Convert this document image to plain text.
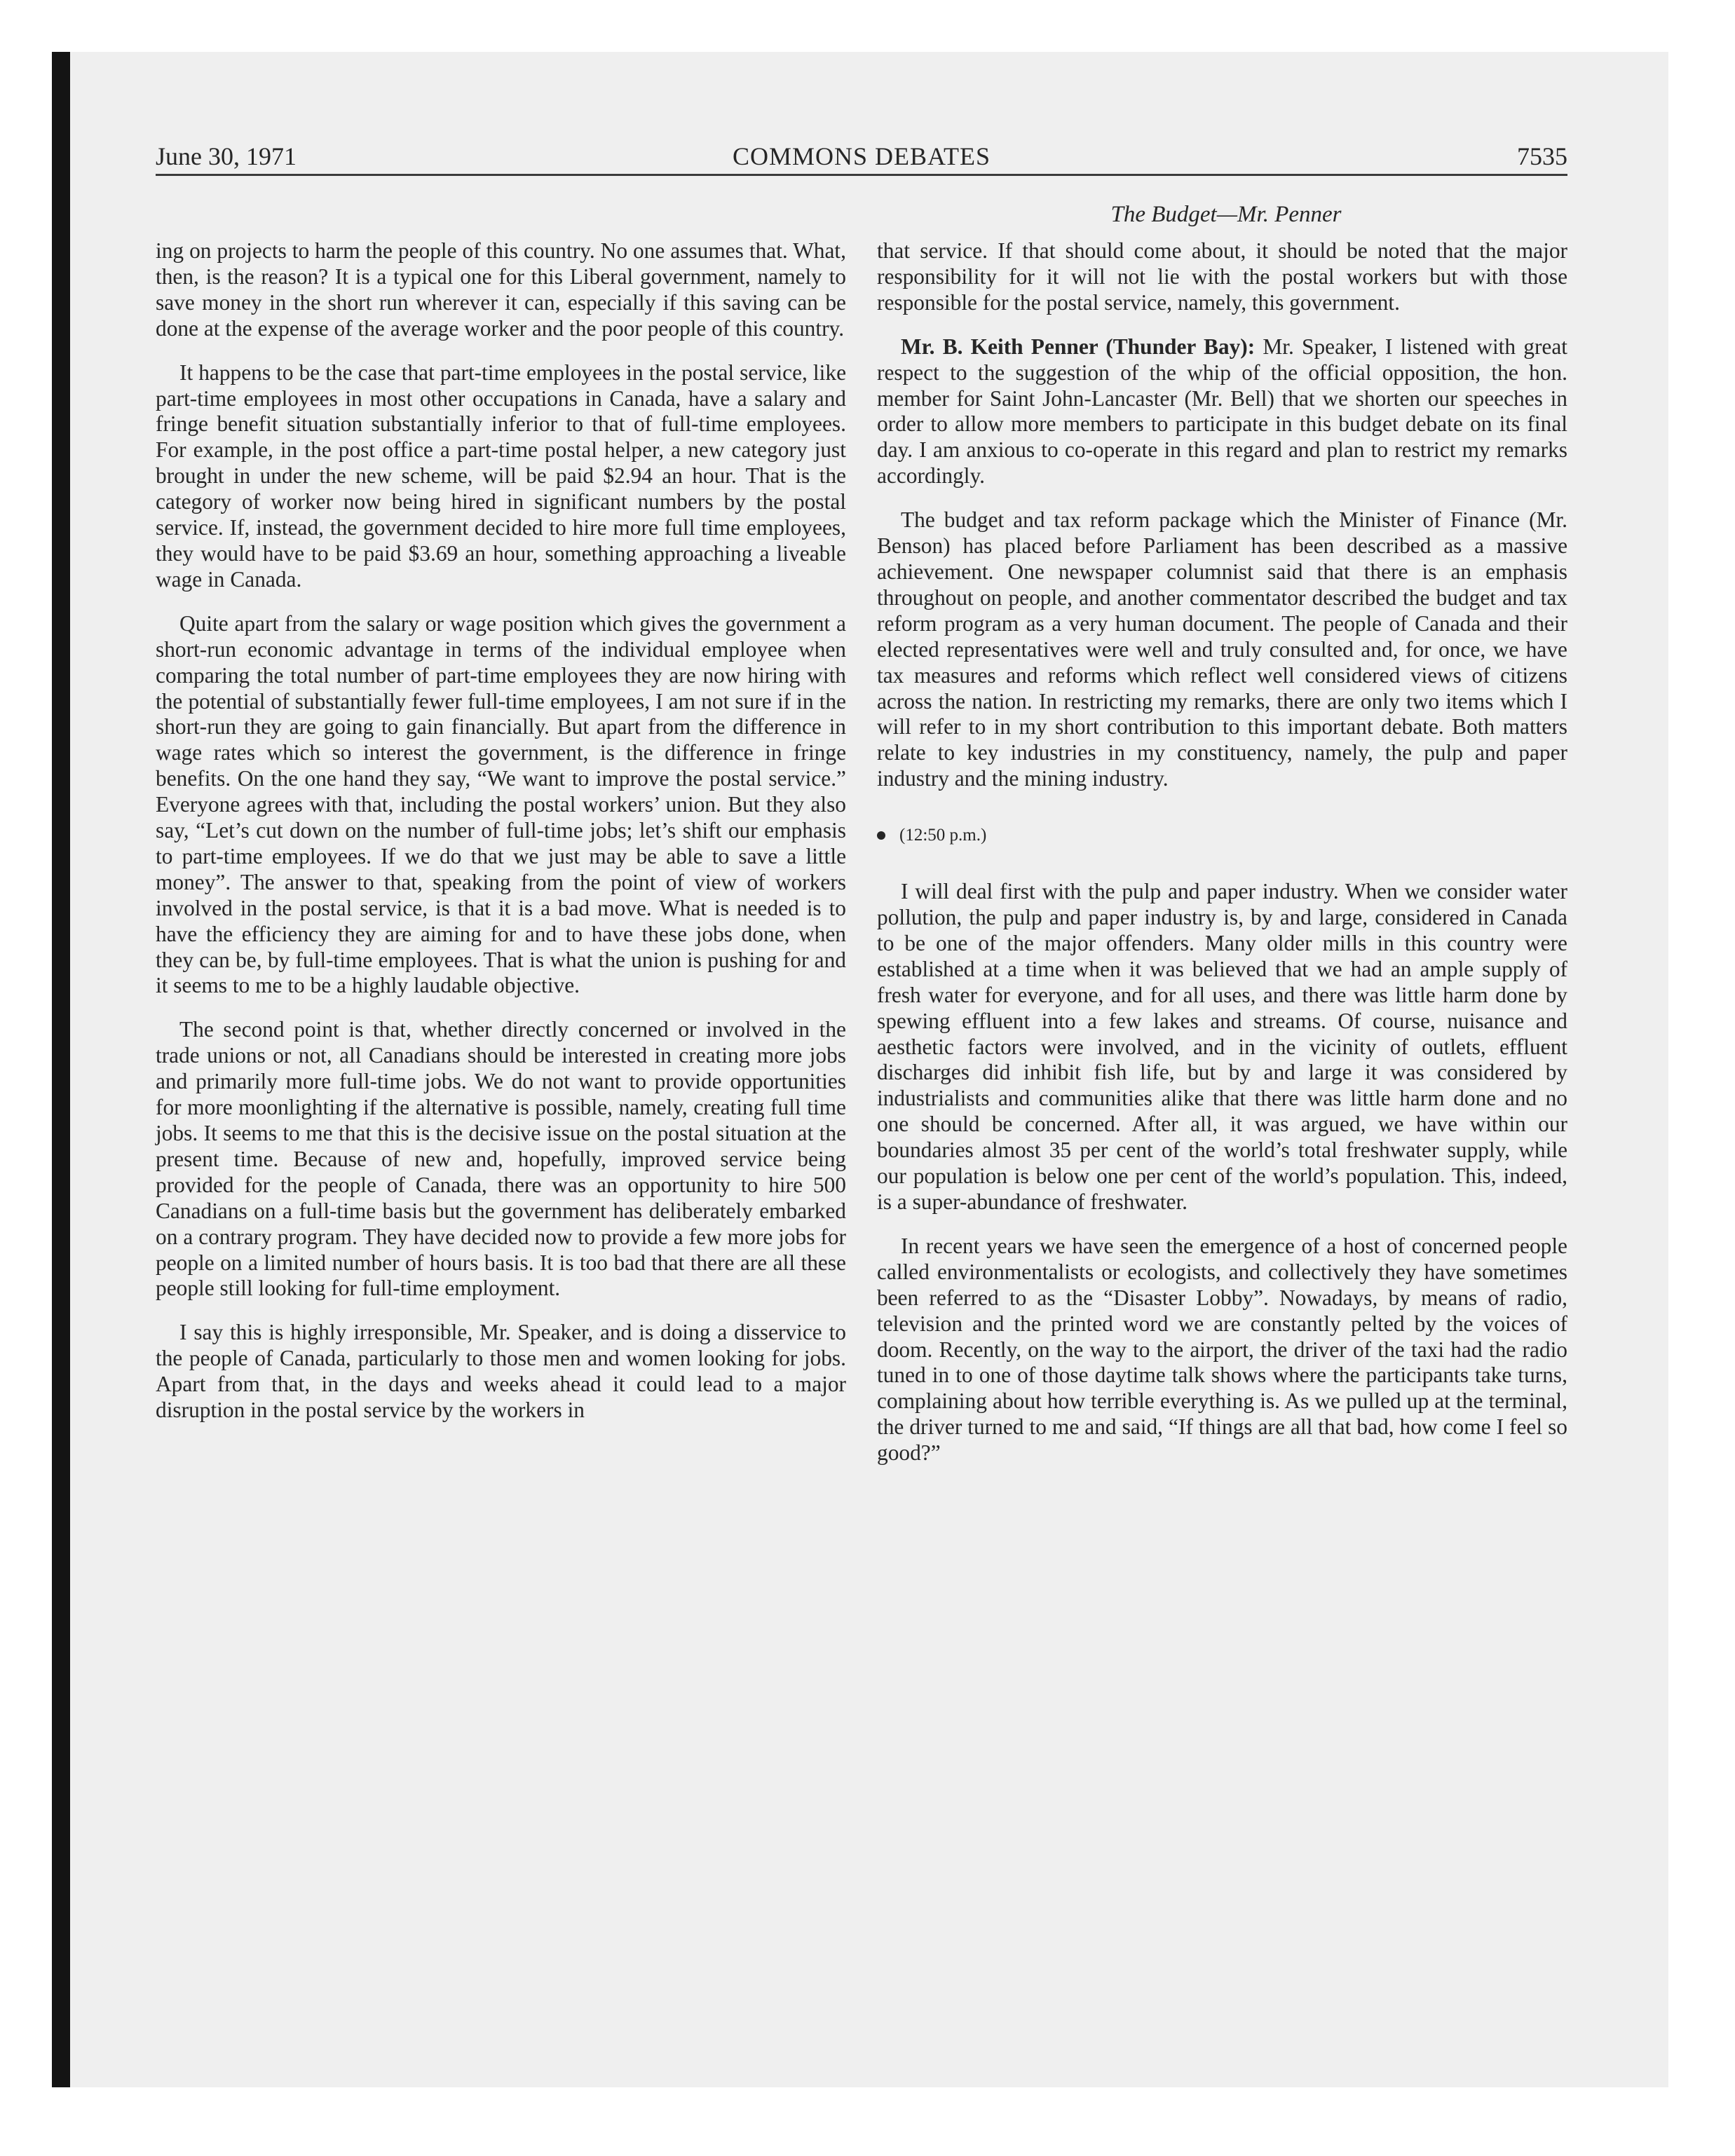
June 30, 1971	COMMONS DEBATES	7535
The Budget—Mr. Penner

ing on projects to harm the people of this country. No one assumes that. What, then, is the reason? It is a typical one for this Liberal government, namely to save money in the short run wherever it can, especially if this saving can be done at the expense of the average worker and the poor people of this country.

It happens to be the case that part-time employees in the postal service, like part-time employees in most other occupations in Canada, have a salary and fringe benefit situation substantially inferior to that of full-time employees. For example, in the post office a part-time postal helper, a new category just brought in under the new scheme, will be paid $2.94 an hour. That is the category of worker now being hired in significant numbers by the postal service. If, instead, the government decided to hire more full time employees, they would have to be paid $3.69 an hour, something approaching a liveable wage in Canada.

Quite apart from the salary or wage position which gives the government a short-run economic advantage in terms of the individual employee when comparing the total number of part-time employees they are now hiring with the potential of substantially fewer full-time employees, I am not sure if in the short-run they are going to gain financially. But apart from the difference in wage rates which so interest the government, is the difference in fringe benefits. On the one hand they say, “We want to improve the postal service.” Everyone agrees with that, including the postal workers’ union. But they also say, “Let’s cut down on the number of full-time jobs; let’s shift our emphasis to part-time employees. If we do that we just may be able to save a little money”. The answer to that, speaking from the point of view of workers involved in the postal service, is that it is a bad move. What is needed is to have the efficiency they are aiming for and to have these jobs done, when they can be, by full-time employees. That is what the union is pushing for and it seems to me to be a highly laudable objective.

The second point is that, whether directly concerned or involved in the trade unions or not, all Canadians should be interested in creating more jobs and primarily more full-time jobs. We do not want to provide opportunities for more moonlighting if the alternative is possible, namely, creating full time jobs. It seems to me that this is the decisive issue on the postal situation at the present time. Because of new and, hopefully, improved service being provided for the people of Canada, there was an opportunity to hire 500 Canadians on a full-time basis but the government has deliberately embarked on a contrary program. They have decided now to provide a few more jobs for people on a limited number of hours basis. It is too bad that there are all these people still looking for full-time employment.

I say this is highly irresponsible, Mr. Speaker, and is doing a disservice to the people of Canada, particularly to those men and women looking for jobs. Apart from that, in the days and weeks ahead it could lead to a major disruption in the postal service by the workers in

that service. If that should come about, it should be noted that the major responsibility for it will not lie with the postal workers but with those responsible for the postal service, namely, this government.

Mr. B. Keith Penner (Thunder Bay): Mr. Speaker, I listened with great respect to the suggestion of the whip of the official opposition, the hon. member for Saint John-Lancaster (Mr. Bell) that we shorten our speeches in order to allow more members to participate in this budget debate on its final day. I am anxious to co-operate in this regard and plan to restrict my remarks accordingly.

The budget and tax reform package which the Minister of Finance (Mr. Benson) has placed before Parliament has been described as a massive achievement. One newspaper columnist said that there is an emphasis throughout on people, and another commentator described the budget and tax reform program as a very human document. The people of Canada and their elected representatives were well and truly consulted and, for once, we have tax measures and reforms which reflect well considered views of citizens across the nation. In restricting my remarks, there are only two items which I will refer to in my short contribution to this important debate. Both matters relate to key industries in my constituency, namely, the pulp and paper industry and the mining industry.

(12:50 p.m.)

I will deal first with the pulp and paper industry. When we consider water pollution, the pulp and paper industry is, by and large, considered in Canada to be one of the major offenders. Many older mills in this country were established at a time when it was believed that we had an ample supply of fresh water for everyone, and for all uses, and there was little harm done by spewing effluent into a few lakes and streams. Of course, nuisance and aesthetic factors were involved, and in the vicinity of outlets, effluent discharges did inhibit fish life, but by and large it was considered by industrialists and communities alike that there was little harm done and no one should be concerned. After all, it was argued, we have within our boundaries almost 35 per cent of the world’s total freshwater supply, while our population is below one per cent of the world’s population. This, indeed, is a super-abundance of freshwater.

In recent years we have seen the emergence of a host of concerned people called environmentalists or ecologists, and collectively they have sometimes been referred to as the “Disaster Lobby”. Nowadays, by means of radio, television and the printed word we are constantly pelted by the voices of doom. Recently, on the way to the airport, the driver of the taxi had the radio tuned in to one of those daytime talk shows where the participants take turns, complaining about how terrible everything is. As we pulled up at the terminal, the driver turned to me and said, “If things are all that bad, how come I feel so good?”
